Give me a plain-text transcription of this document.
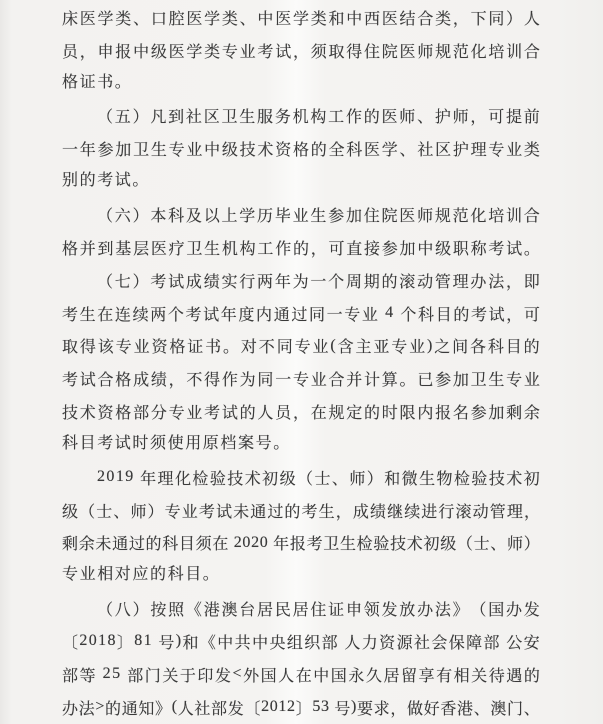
床 医 学 类 、 口 腔 医 学 类 、 中 医 学 类 和 中 西 医 结 合 类 ， 下 同 ） 人
员 ， 申 报 中 级 医 学 类 专 业 考 试 ， 须 取 得 住 院 医 师 规 范 化 培 训 合
格证书。
（ 五 ） 凡 到 社 区 卫 生 服 务 机 构 工 作 的 医 师 、 护 师 ， 可 提 前
一 年 参 加 卫 生 专 业 中 级 技 术 资 格 的 全 科 医 学 、 社 区 护 理 专 业 类
别的考试。
（ 六 ） 本 科 及 以 上 学 历 毕 业 生 参 加 住 院 医 师 规 范 化 培 训 合
格 并 到 基 层 医 疗 卫 生 机 构 工 作 的 ， 可 直 接 参 加 中 级 职 称 考 试 。
（ 七 ） 考 试 成 绩 实 行 两 年 为 一 个 周 期 的 滚 动 管 理 办 法 ， 即
考 生 在 连 续 两 个 考 试 年 度 内 通 过 同 一 专 业
4
个 科 目 的 考 试 ， 可
取 得 该 专 业 资 格 证 书 。 对 不 同 专 业 ( 含 主 亚 专 业 ) 之 间 各 科 目 的
考 试 合 格 成 绩 ， 不 得 作 为 同 一 专 业 合 并 计 算 。 已 参 加 卫 生 专 业
技 术 资 格 部 分 专 业 考 试 的 人 员 ， 在 规 定 的 时 限 内 报 名 参 加 剩 余
科目考试时须使用原档案号。
2 0 1 9
年 理 化 检 验 技 术 初 级 （ 士 、 师 ） 和 微 生 物 检 验 技 术 初
级 （ 士 、 师 ） 专 业 考 试 未 通 过 的 考 生 ， 成 绩 继 续 进 行 滚 动 管 理 ，
剩 余 未 通 过 的 科 目 须 在
2 0 2 0
年 报 考 卫 生 检 验 技 术 初 级 （ 士 、 师 ）
专业相对应的科目。
（ 八 ） 按 照 《 港 澳 台 居 民 居 住 证 申 领 发 放 办 法 》 （ 国 办 发
〔 2 0 1 8 〕 8 1
号 ) 和 《 中 共 中 央 组 织 部
人 力 资 源 社 会 保 障 部
公 安
部 等
2 5
部 门 关 于 印 发 < 外 国 人 在 中 国 永 久 居 留 享 有 相 关 待 遇 的
办 法 > 的 通 知 》 ( 人 社 部 发 〔 2 0 1 2 〕 5 3
号 ) 要 求 ， 做 好 香 港 、 澳 门 、
